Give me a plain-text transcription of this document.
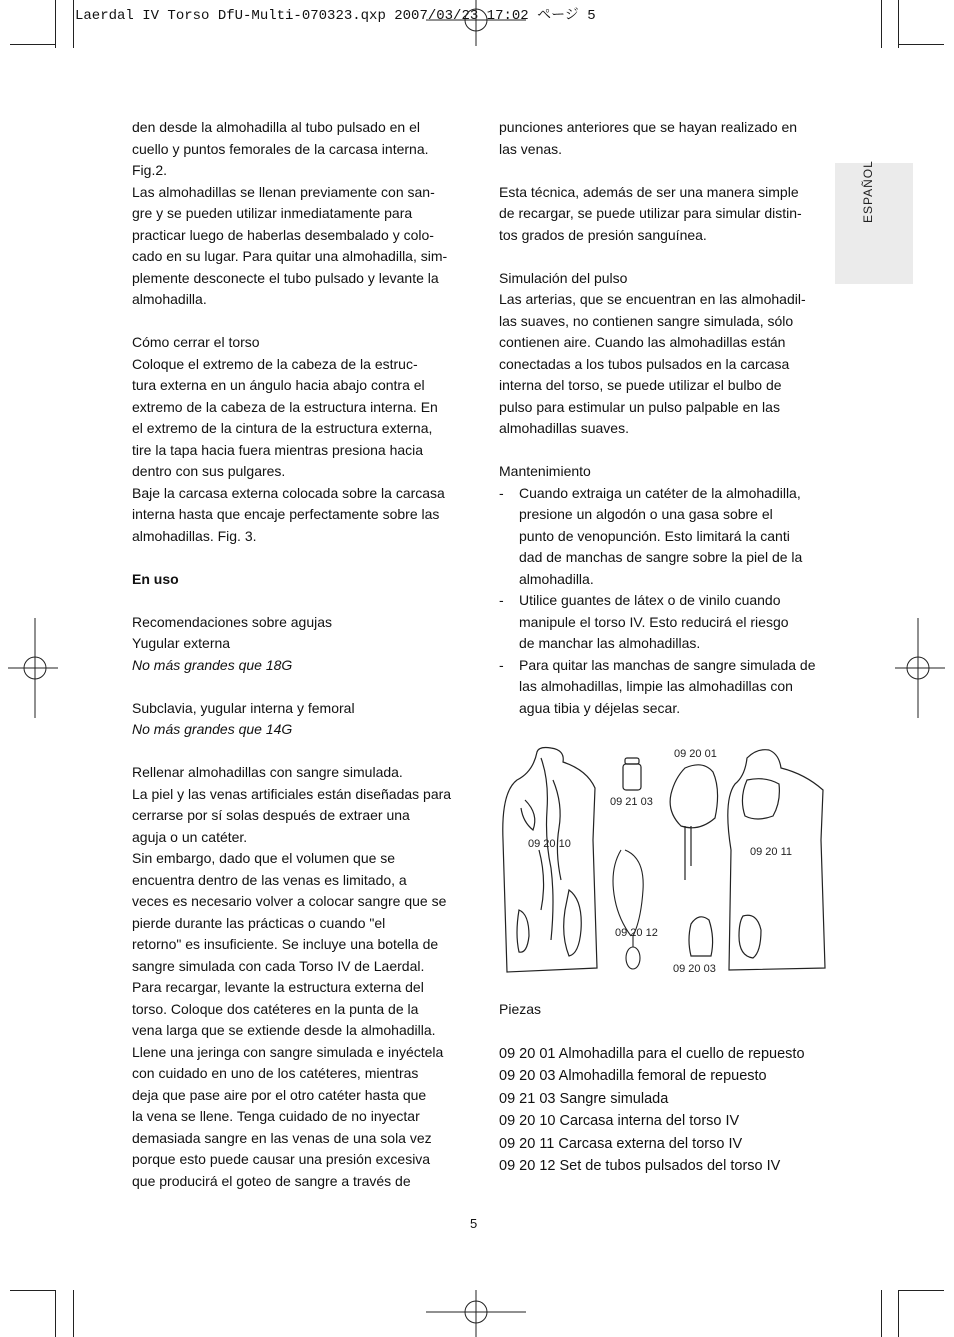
Laerdal IV Torso DfU-Multi-070323.qxp 2007/03/23 17:02 ページ 5
ESPAÑOL

den desde la almohadilla al tubo pulsado en el

cuello y puntos femorales de la carcasa interna.

Fig.2.

Las almohadillas se llenan previamente con san-

gre y se pueden utilizar inmediatamente para

practicar luego de haberlas desembalado y colo-

cado en su lugar. Para quitar una almohadilla, sim-

plemente desconecte el tubo pulsado y levante la

almohadilla.

Cómo cerrar el torso

Coloque el extremo de la cabeza de la estruc-

tura externa en un ángulo hacia abajo contra el

extremo de la cabeza de la estructura interna. En

el extremo de la cintura de la estructura externa,

tire la tapa hacia fuera mientras presiona hacia

dentro con sus pulgares.

Baje la carcasa externa colocada sobre la carcasa

interna hasta que encaje perfectamente sobre las

almohadillas. Fig. 3.

En uso

Recomendaciones sobre agujas

Yugular externa

No más grandes que 18G

Subclavia, yugular interna y femoral

No más grandes que 14G

Rellenar almohadillas con sangre simulada.

La piel y las venas artificiales están diseñadas para

cerrarse por sí solas después de extraer una

aguja o un catéter.

Sin embargo, dado que el volumen que se

encuentra dentro de las venas es limitado, a

veces es necesario volver a colocar sangre que se

pierde durante las prácticas o cuando "el

retorno" es insuficiente. Se incluye una botella de

sangre simulada con cada Torso IV de Laerdal.

Para recargar, levante la estructura externa del

torso. Coloque dos catéteres en la punta de la

vena larga que se extiende desde la almohadilla.

Llene una jeringa con sangre simulada e inyéctela

con cuidado en uno de los catéteres, mientras

deja que pase aire por el otro catéter hasta que

la vena se llene. Tenga cuidado de no inyectar

demasiada sangre en las venas de una sola vez

porque esto puede causar una presión excesiva

que producirá el goteo de sangre a través de

punciones anteriores que se hayan realizado en

las venas.

Esta técnica, además de ser una manera simple

de recargar, se puede utilizar para simular distin-

tos grados de presión sanguínea.

Simulación del pulso

Las arterias, que se encuentran en las almohadil-

las suaves, no contienen sangre simulada, sólo

contienen aire. Cuando las almohadillas están

conectadas a los tubos pulsados en la carcasa

interna del torso, se puede utilizar el bulbo de

pulso para estimular un pulso palpable en las

almohadillas suaves.

Mantenimiento

-	Cuando extraiga un catéter de la almohadilla,

presione un algodón o una gasa sobre el

punto de venopunción. Esto limitará la canti

dad de manchas de sangre sobre la piel de la

almohadilla.

-	Utilice guantes de látex o de vinilo cuando

manipule el torso IV. Esto reducirá el riesgo

de manchar las almohadillas.

-	Para quitar las manchas de sangre simulada de

las almohadillas, limpie las almohadillas con

agua tibia y déjelas secar.

09 20 01
09 21 03
09 20 10
09 20 11
09 20 12
09 20 03

Piezas

09 20 01 Almohadilla para el cuello de repuesto

09 20 03 Almohadilla femoral de repuesto

09 21 03 Sangre simulada

09 20 10 Carcasa interna del torso IV

09 20 11 Carcasa externa del torso IV

09 20 12 Set de tubos pulsados del torso IV

5
